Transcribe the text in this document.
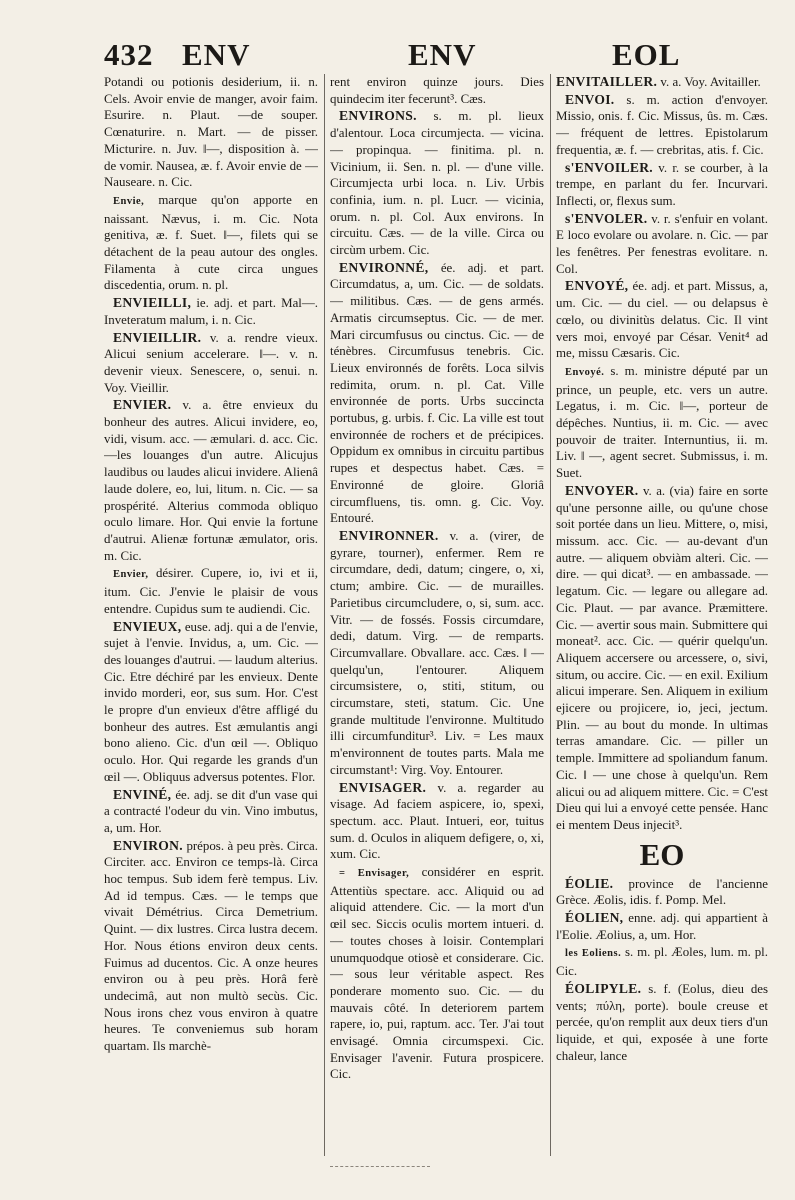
432 ENV	ENV	EOL

Potandi ou potionis desiderium, ii. n. Cels. Avoir envie de manger, avoir faim. Esurire. n. Plaut. —de souper. Cœnaturire. n. Mart. — de pisser. Micturire. n. Juv. ‖—, disposition à. — de vomir. Nausea, æ. f. Avoir envie de — Nauseare. n. Cic.

Envie, marque qu'on apporte en naissant. Nævus, i. m. Cic. Nota genitiva, æ. f. Suet. ‖—, filets qui se détachent de la peau autour des ongles. Filamenta à cute circa ungues discedentia, orum. n. pl.

ENVIEILLI, ie. adj. et part. Mal—. Inveteratum malum, i. n. Cic.

ENVIEILLIR. v. a. rendre vieux. Alicui senium accelerare. ‖—. v. n. devenir vieux. Senescere, o, senui. n. Voy. Vieillir.

ENVIER. v. a. être envieux du bonheur des autres. Alicui invidere, eo, vidi, visum. acc. — æmulari. d. acc. Cic. —les louanges d'un autre. Alicujus laudibus ou laudes alicui invidere. Alienâ laude dolere, eo, lui, litum. n. Cic. — sa prospérité. Alterius commoda obliquo oculo limare. Hor. Qui envie la fortune d'autrui. Alienæ fortunæ æmulator, oris. m. Cic.

Envier, désirer. Cupere, io, ivi et ii, itum. Cic. J'envie le plaisir de vous entendre. Cupidus sum te audiendi. Cic.

ENVIEUX, euse. adj. qui a de l'envie, sujet à l'envie. Invidus, a, um. Cic. — des louanges d'autrui. — laudum alterius. Cic. Etre déchiré par les envieux. Dente invido morderi, eor, sus sum. Hor. C'est le propre d'un envieux d'être affligé du bonheur des autres. Est æmulantis angi bono alieno. Cic. d'un œil —. Obliquo oculo. Hor. Qui regarde les grands d'un œil —. Obliquus adversus potentes. Flor.

ENVINÉ, ée. adj. se dit d'un vase qui a contracté l'odeur du vin. Vino imbutus, a, um. Hor.

ENVIRON. prépos. à peu près. Circa. Circiter. acc. Environ ce temps-là. Circa hoc tempus. Sub idem ferè tempus. Liv. Ad id tempus. Cæs. — le temps que vivait Démétrius. Circa Demetrium. Quint. — dix lustres. Circa lustra decem. Hor. Nous étions environ deux cents. Fuimus ad ducentos. Cic. A onze heures environ ou à peu près. Horâ ferè undecimâ, aut non multò secùs. Cic. Nous irons chez vous environ à quatre heures. Te conveniemus sub horam quartam. Ils marchè-

rent environ quinze jours. Dies quindecim iter fecerunt³. Cæs.

ENVIRONS. s. m. pl. lieux d'alentour. Loca circumjecta. — vicina. — propinqua. — finitima. pl. n. Vicinium, ii. Sen. n. pl. — d'une ville. Circumjecta urbi loca. n. Liv. Urbis confinia, ium. n. pl. Lucr. — vicinia, orum. n. pl. Col. Aux environs. In circuitu. Cæs. — de la ville. Circa ou circùm urbem. Cic.

ENVIRONNÉ, ée. adj. et part. Circumdatus, a, um. Cic. — de soldats. — militibus. Cæs. — de gens armés. Armatis circumseptus. Cic. — de mer. Mari circumfusus ou cinctus. Cic. — de ténèbres. Circumfusus tenebris. Cic. Lieux environnés de forêts. Loca silvis redimita, orum. n. pl. Cat. Ville environnée de ports. Urbs succincta portubus, g. urbis. f. Cic. La ville est tout environnée de rochers et de précipices. Oppidum ex omnibus in circuitu partibus rupes et despectus habet. Cæs. = Environné de gloire. Gloriâ circumfluens, tis. omn. g. Cic. Voy. Entouré.

ENVIRONNER. v. a. (virer, de gyrare, tourner), enfermer. Rem re circumdare, dedi, datum; cingere, o, xi, ctum; ambire. Cic. — de murailles. Parietibus circumcludere, o, si, sum. acc. Vitr. — de fossés. Fossis circumdare, dedi, datum. Virg. — de remparts. Circumvallare. Obvallare. acc. Cæs. ‖ — quelqu'un, l'entourer. Aliquem circumsistere, o, stiti, stitum, ou circumstare, steti, statum. Cic. Une grande multitude l'environne. Multitudo illi circumfunditur³. Liv. = Les maux m'environnent de toutes parts. Mala me circumstant¹: Virg. Voy. Entourer.

ENVISAGER. v. a. regarder au visage. Ad faciem aspicere, io, spexi, spectum. acc. Plaut. Intueri, eor, tuitus sum. d. Oculos in aliquem defigere, o, xi, xum. Cic.

= Envisager, considérer en esprit. Attentiùs spectare. acc. Aliquid ou ad aliquid attendere. Cic. — la mort d'un œil sec. Siccis oculis mortem intueri. d. — toutes choses à loisir. Contemplari unumquodque otiosè et considerare. Cic. — sous leur véritable aspect. Res ponderare momento suo. Cic. — du mauvais côté. In deteriorem partem rapere, io, pui, raptum. acc. Ter. J'ai tout envisagé. Omnia circumspexi. Cic. Envisager l'avenir. Futura prospicere. Cic.

ENVITAILLER. v. a. Voy. Avitailler.

ENVOI. s. m. action d'envoyer. Missio, onis. f. Cic. Missus, ûs. m. Cæs. — fréquent de lettres. Epistolarum frequentia, æ. f. — crebritas, atis. f. Cic.

s'ENVOILER. v. r. se courber, à la trempe, en parlant du fer. Incurvari. Inflecti, or, flexus sum.

s'ENVOLER. v. r. s'enfuir en volant. E loco evolare ou avolare. n. Cic. — par les fenêtres. Per fenestras evolitare. n. Col.

ENVOYÉ, ée. adj. et part. Missus, a, um. Cic. — du ciel. — ou delapsus è cœlo, ou divinitùs delatus. Cic. Il vint vers moi, envoyé par César. Venit⁴ ad me, missu Cæsaris. Cic.

Envoyé. s. m. ministre député par un prince, un peuple, etc. vers un autre. Legatus, i. m. Cic. ‖—, porteur de dépêches. Nuntius, ii. m. Cic. — avec pouvoir de traiter. Internuntius, ii. m. Liv. ‖ —, agent secret. Submissus, i. m. Suet.

ENVOYER. v. a. (via) faire en sorte qu'une personne aille, ou qu'une chose soit portée dans un lieu. Mittere, o, misi, missum. acc. Cic. — au-devant d'un autre. — aliquem obviàm alteri. Cic. — dire. — qui dicat³. — en ambassade. — legatum. Cic. — legare ou allegare ad. Cic. Plaut. — par avance. Præmittere. Cic. — avertir sous main. Submittere qui moneat². acc. Cic. — quérir quelqu'un. Aliquem accersere ou arcessere, o, sivi, situm, ou accire. Cic. — en exil. Exilium alicui imperare. Sen. Aliquem in exilium ejicere ou projicere, io, jeci, jectum. Plin. — au bout du monde. In ultimas terras amandare. Cic. — piller un temple. Immittere ad spoliandum fanum. Cic. ‖ — une chose à quelqu'un. Rem alicui ou ad aliquem mittere. Cic. = C'est Dieu qui lui a envoyé cette pensée. Hanc ei mentem Deus injecit³.

EO

ÉOLIE. province de l'ancienne Grèce. Æolis, idis. f. Pomp. Mel.

ÉOLIEN, enne. adj. qui appartient à l'Eolie. Æolius, a, um. Hor.

les Eoliens. s. m. pl. Æoles, lum. m. pl. Cic.

ÉOLIPYLE. s. f. (Eolus, dieu des vents; πύλη, porte). boule creuse et percée, qu'on remplit aux deux tiers d'un liquide, et qui, exposée à une forte chaleur, lance
